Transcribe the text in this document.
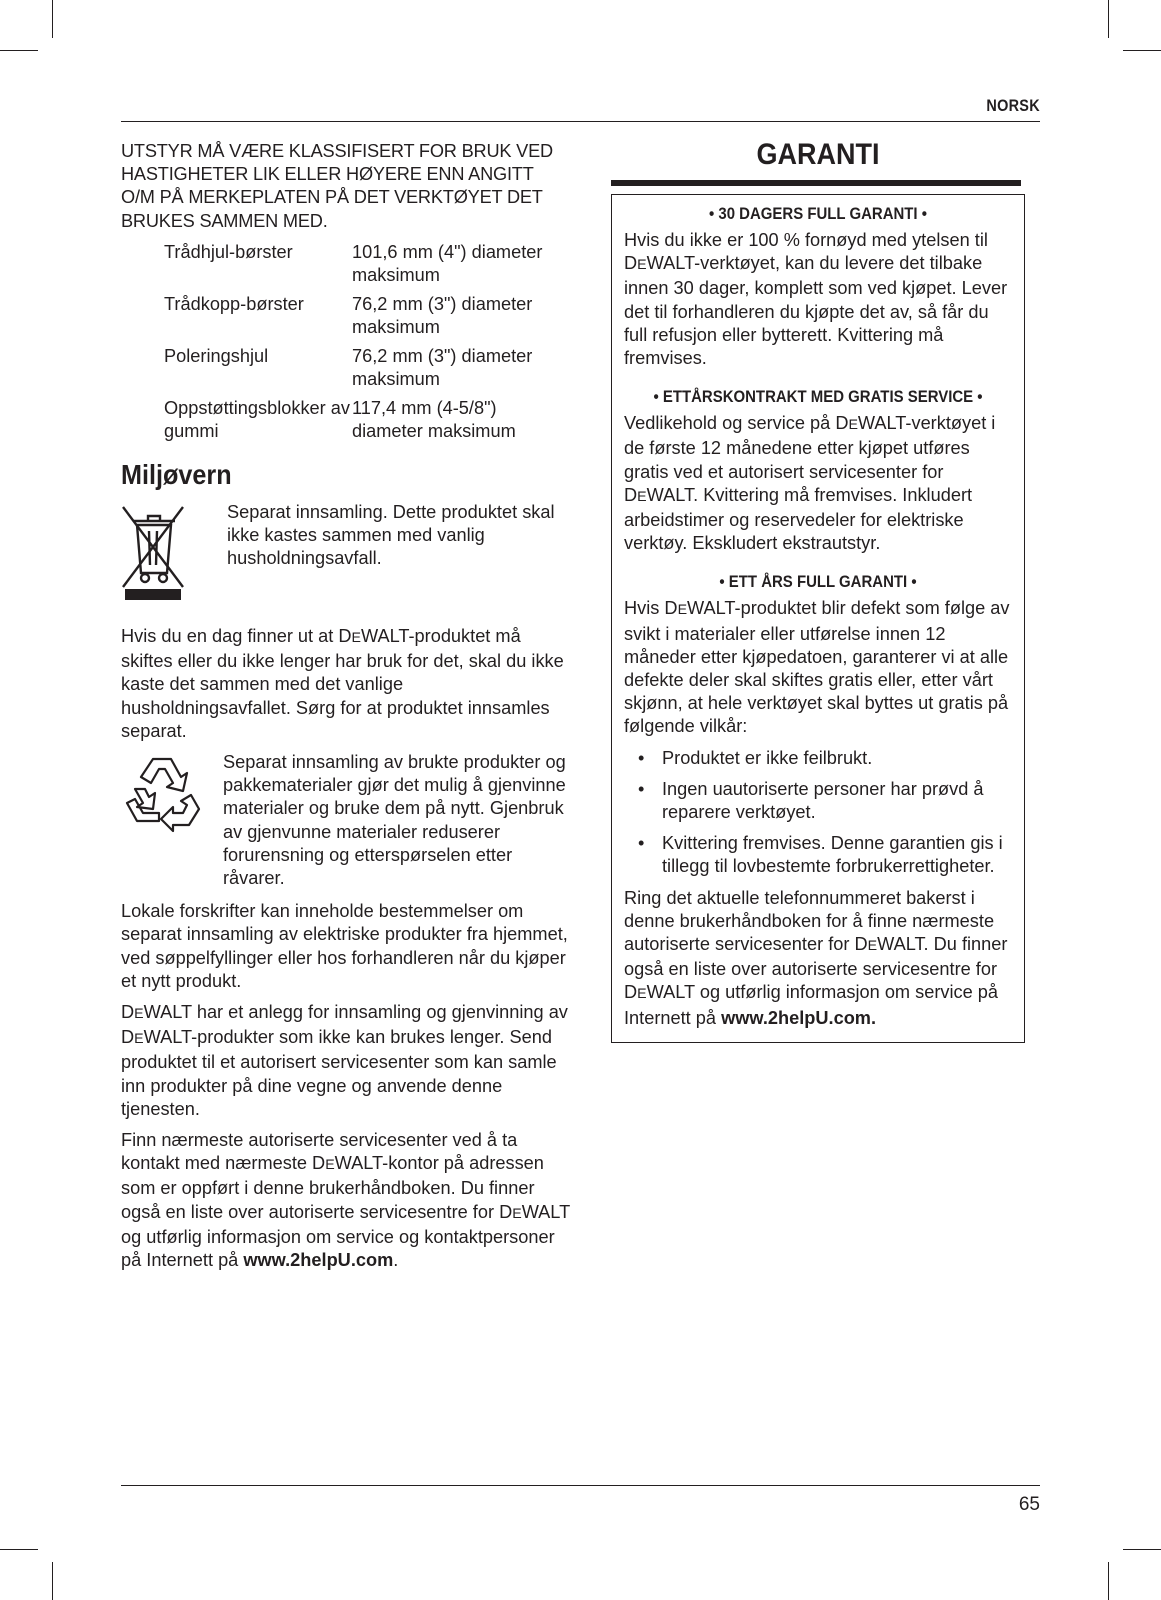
NORSK

UTSTYR MÅ VÆRE KLASSIFISERT FOR BRUK VED HASTIGHETER LIK ELLER HØYERE ENN ANGITT O/M PÅ MERKEPLATEN PÅ DET VERKTØYET DET BRUKES SAMMEN MED.

Trådhjul-børster	101,6 mm (4") diameter maksimum
Trådkopp-børster	76,2 mm (3") diameter maksimum
Poleringshjul	76,2 mm (3") diameter maksimum
Oppstøttingsblokker av gummi	117,4 mm (4-5/8") diameter maksimum
Miljøvern
Separat innsamling. Dette produktet skal ikke kastes sammen med vanlig husholdningsavfall.

Hvis du en dag finner ut at DEWALT-produktet må skiftes eller du ikke lenger har bruk for det, skal du ikke kaste det sammen med det vanlige husholdningsavfallet. Sørg for at produktet innsamles separat.

Separat innsamling av brukte produkter og pakkematerialer gjør det mulig å gjenvinne materialer og bruke dem på nytt. Gjenbruk av gjenvunne materialer reduserer forurensning og etterspørselen etter råvarer.

Lokale forskrifter kan inneholde bestemmelser om separat innsamling av elektriske produkter fra hjemmet, ved søppelfyllinger eller hos forhandleren når du kjøper et nytt produkt.

DEWALT har et anlegg for innsamling og gjenvinning av DEWALT-produkter som ikke kan brukes lenger. Send produktet til et autorisert servicesenter som kan samle inn produkter på dine vegne og anvende denne tjenesten.

Finn nærmeste autoriserte servicesenter ved å ta kontakt med nærmeste DEWALT-kontor på adressen som er oppført i denne brukerhåndboken. Du finner også en liste over autoriserte servicesentre for DEWALT og utførlig informasjon om service og kontaktpersoner på Internett på www.2helpU.com.

GARANTI
• 30 DAGERS FULL GARANTI •

Hvis du ikke er 100 % fornøyd med ytelsen til DEWALT-verktøyet, kan du levere det tilbake innen 30 dager, komplett som ved kjøpet. Lever det til forhandleren du kjøpte det av, så får du full refusjon eller bytterett. Kvittering må fremvises.

• ETTÅRSKONTRAKT MED GRATIS SERVICE •

Vedlikehold og service på DEWALT-verktøyet i de første 12 månedene etter kjøpet utføres gratis ved et autorisert servicesenter for DEWALT. Kvittering må fremvises. Inkludert arbeidstimer og reservedeler for elektriske verktøy. Ekskludert ekstrautstyr.

• ETT ÅRS FULL GARANTI •

Hvis DEWALT-produktet blir defekt som følge av svikt i materialer eller utførelse innen 12 måneder etter kjøpedatoen, garanterer vi at alle defekte deler skal skiftes gratis eller, etter vårt skjønn, at hele verktøyet skal byttes ut gratis på følgende vilkår:

• Produktet er ikke feilbrukt.
• Ingen uautoriserte personer har prøvd å reparere verktøyet.
• Kvittering fremvises. Denne garantien gis i tillegg til lovbestemte forbrukerrettigheter.

Ring det aktuelle telefonnummeret bakerst i denne brukerhåndboken for å finne nærmeste autoriserte servicesenter for DEWALT. Du finner også en liste over autoriserte servicesentre for DEWALT og utførlig informasjon om service på Internett på www.2helpU.com.

65
